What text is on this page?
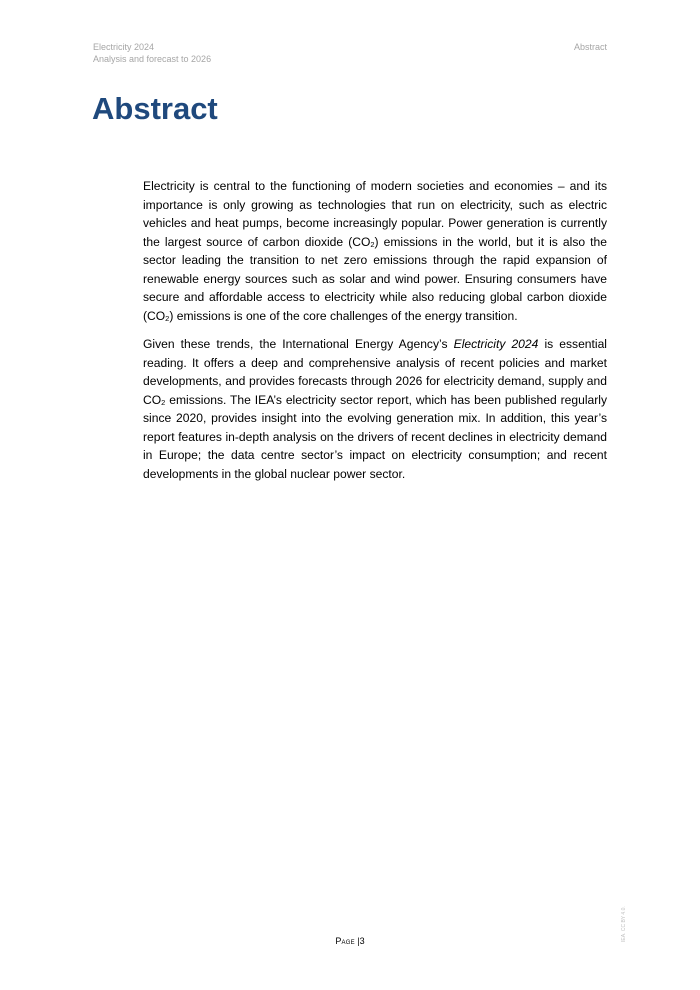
Electricity 2024
Analysis and forecast to 2026
Abstract
Abstract

Electricity is central to the functioning of modern societies and economies – and its importance is only growing as technologies that run on electricity, such as electric vehicles and heat pumps, become increasingly popular. Power generation is currently the largest source of carbon dioxide $(CO_2)$ emissions in the world, but it is also the sector leading the transition to net zero emissions through the rapid expansion of renewable energy sources such as solar and wind power. Ensuring consumers have secure and affordable access to electricity while also reducing global carbon dioxide $(CO_2)$ emissions is one of the core challenges of the energy transition.

Given these trends, the International Energy Agency’s Electricity 2024 is essential reading. It offers a deep and comprehensive analysis of recent policies and market developments, and provides forecasts through 2026 for electricity demand, supply and $CO_2$ emissions. The IEA’s electricity sector report, which has been published regularly since 2020, provides insight into the evolving generation mix. In addition, this year’s report features in-depth analysis on the drivers of recent declines in electricity demand in Europe; the data centre sector’s impact on electricity consumption; and recent developments in the global nuclear power sector.

Page |3	IEA. CC BY 4.0.
